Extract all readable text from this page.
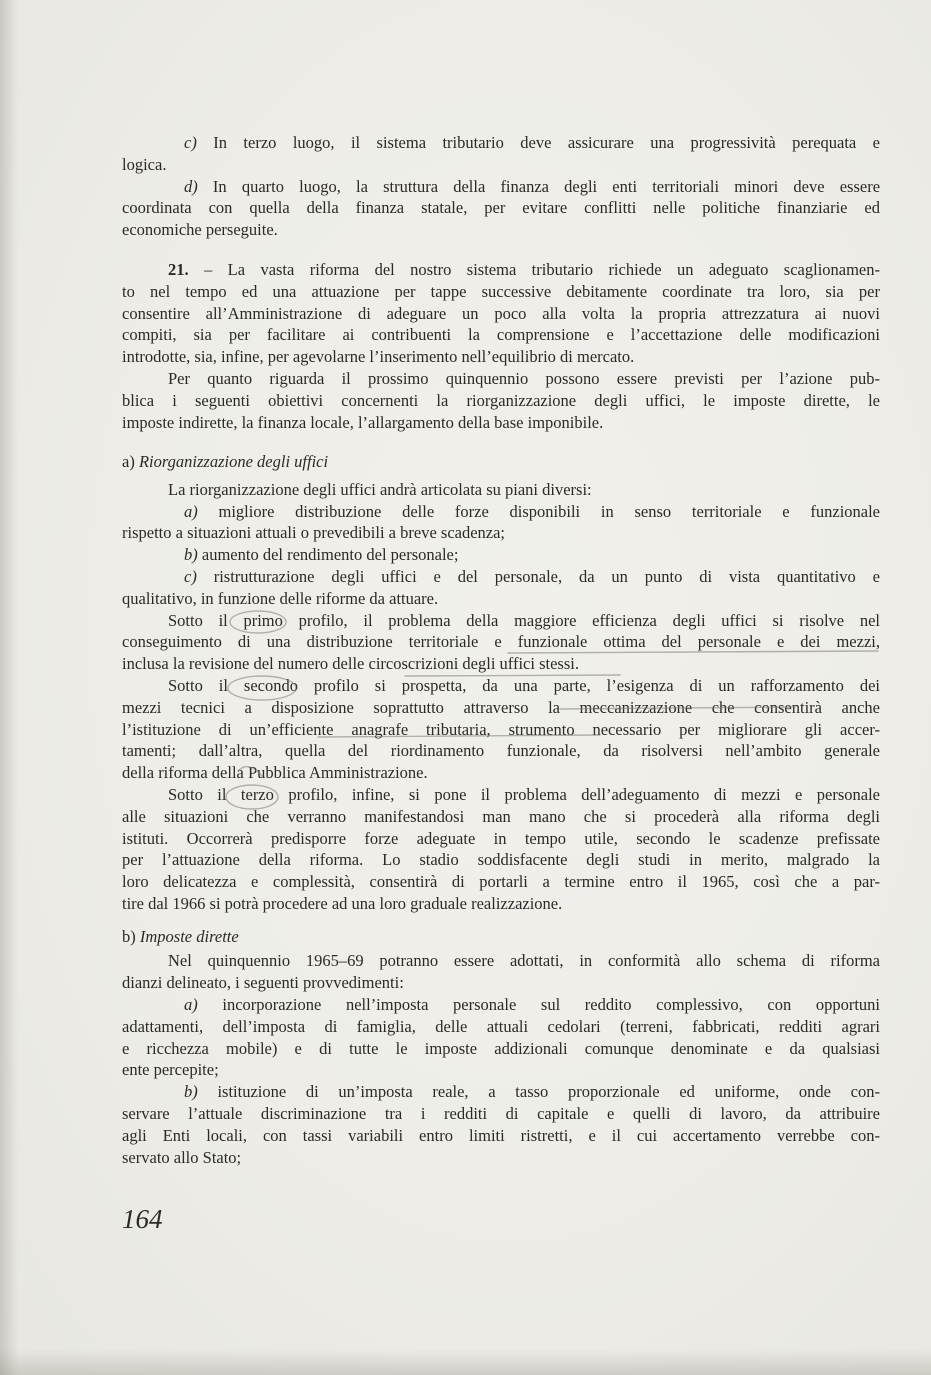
c) In terzo luogo, il sistema tributario deve assicurare una progressività perequata e
logica.
d) In quarto luogo, la struttura della finanza degli enti territoriali minori deve essere
coordinata con quella della finanza statale, per evitare conflitti nelle politiche finanziarie ed
economiche perseguite.
21. – La vasta riforma del nostro sistema tributario richiede un adeguato scaglionamen-
to nel tempo ed una attuazione per tappe successive debitamente coordinate tra loro, sia per
consentire all’Amministrazione di adeguare un poco alla volta la propria attrezzatura ai nuovi
compiti, sia per facilitare ai contribuenti la comprensione e l’accettazione delle modificazioni
introdotte, sia, infine, per agevolarne l’inserimento nell’equilibrio di mercato.
Per quanto riguarda il prossimo quinquennio possono essere previsti per l’azione pub-
blica i seguenti obiettivi concernenti la riorganizzazione degli uffici, le imposte dirette, le
imposte indirette, la finanza locale, l’allargamento della base imponibile.
a) Riorganizzazione degli uffici
La riorganizzazione degli uffici andrà articolata su piani diversi:
a) migliore distribuzione delle forze disponibili in senso territoriale e funzionale
rispetto a situazioni attuali o prevedibili a breve scadenza;
b) aumento del rendimento del personale;
c) ristrutturazione degli uffici e del personale, da un punto di vista quantitativo e
qualitativo, in funzione delle riforme da attuare.
Sotto il primo profilo, il problema della maggiore efficienza degli uffici si risolve nel
conseguimento di una distribuzione territoriale e funzionale ottima del personale e dei mezzi,
inclusa la revisione del numero delle circoscrizioni degli uffici stessi.
Sotto il secondo profilo si prospetta, da una parte, l’esigenza di un rafforzamento dei
mezzi tecnici a disposizione soprattutto attraverso la meccanizzazione che consentirà anche
l’istituzione di un’efficiente anagrafe tributaria, strumento necessario per migliorare gli accer-
tamenti; dall’altra, quella del riordinamento funzionale, da risolversi nell’ambito generale
della riforma della Pubblica Amministrazione.
Sotto il terzo profilo, infine, si pone il problema dell’adeguamento di mezzi e personale
alle situazioni che verranno manifestandosi man mano che si procederà alla riforma degli
istituti. Occorrerà predisporre forze adeguate in tempo utile, secondo le scadenze prefissate
per l’attuazione della riforma. Lo stadio soddisfacente degli studi in merito, malgrado la
loro delicatezza e complessità, consentirà di portarli a termine entro il 1965, così che a par-
tire dal 1966 si potrà procedere ad una loro graduale realizzazione.
b) Imposte dirette
Nel quinquennio 1965–69 potranno essere adottati, in conformità allo schema di riforma
dianzi delineato, i seguenti provvedimenti:
a) incorporazione nell’imposta personale sul reddito complessivo, con opportuni
adattamenti, dell’imposta di famiglia, delle attuali cedolari (terreni, fabbricati, redditi agrari
e ricchezza mobile) e di tutte le imposte addizionali comunque denominate e da qualsiasi
ente percepite;
b) istituzione di un’imposta reale, a tasso proporzionale ed uniforme, onde con-
servare l’attuale discriminazione tra i redditi di capitale e quelli di lavoro, da attribuire
agli Enti locali, con tassi variabili entro limiti ristretti, e il cui accertamento verrebbe con-
servato allo Stato;
164
